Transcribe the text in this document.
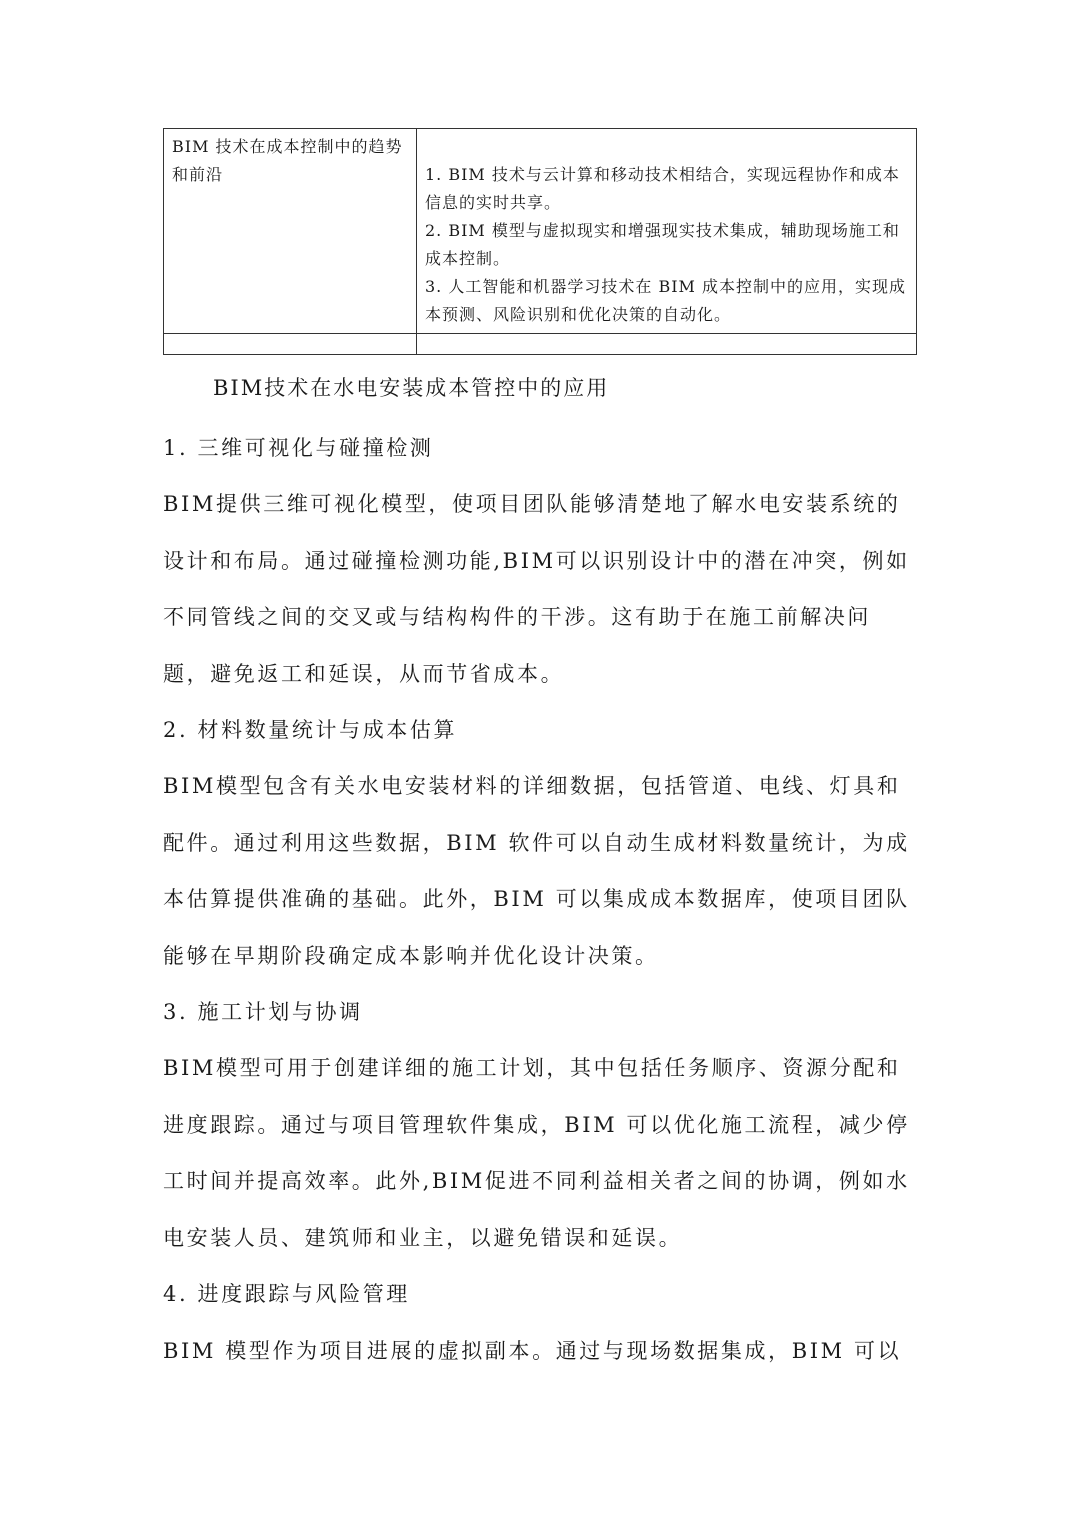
BIM 技术在成本控制中的趋势和前沿	1. BIM 技术与云计算和移动技术相结合，实现远程协作和成本信息的实时共享。
2. BIM 模型与虚拟现实和增强现实技术集成，辅助现场施工和成本控制。
3. 人工智能和机器学习技术在 BIM 成本控制中的应用，实现成本预测、风险识别和优化决策的自动化。

BIM技术在水电安装成本管控中的应用

1. 三维可视化与碰撞检测

BIM提供三维可视化模型，使项目团队能够清楚地了解水电安装系统的设计和布局。通过碰撞检测功能,BIM可以识别设计中的潜在冲突，例如不同管线之间的交叉或与结构构件的干涉。这有助于在施工前解决问题，避免返工和延误，从而节省成本。

2. 材料数量统计与成本估算

BIM模型包含有关水电安装材料的详细数据，包括管道、电线、灯具和配件。通过利用这些数据，BIM 软件可以自动生成材料数量统计，为成本估算提供准确的基础。此外，BIM 可以集成成本数据库，使项目团队能够在早期阶段确定成本影响并优化设计决策。

3. 施工计划与协调

BIM模型可用于创建详细的施工计划，其中包括任务顺序、资源分配和进度跟踪。通过与项目管理软件集成，BIM 可以优化施工流程，减少停工时间并提高效率。此外,BIM促进不同利益相关者之间的协调，例如水电安装人员、建筑师和业主，以避免错误和延误。

4. 进度跟踪与风险管理

BIM 模型作为项目进展的虚拟副本。通过与现场数据集成，BIM 可以
